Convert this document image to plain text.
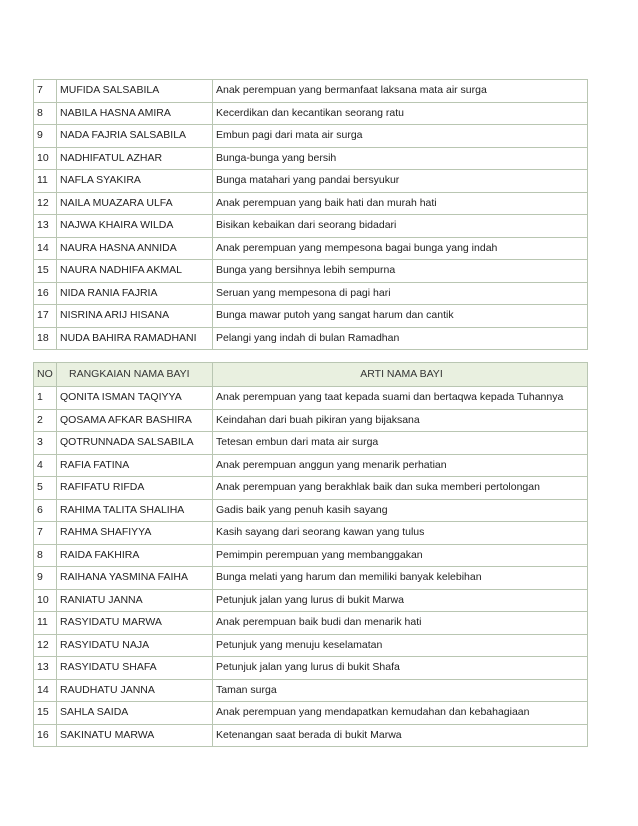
7	MUFIDA SALSABILA	Anak perempuan yang bermanfaat laksana mata air surga
8	NABILA HASNA AMIRA	Kecerdikan dan kecantikan seorang ratu
9	NADA FAJRIA SALSABILA	Embun pagi dari mata air surga
10	NADHIFATUL AZHAR	Bunga-bunga yang bersih
11	NAFLA SYAKIRA	Bunga matahari yang pandai bersyukur
12	NAILA MUAZARA ULFA	Anak perempuan yang baik hati dan murah hati
13	NAJWA KHAIRA WILDA	Bisikan kebaikan dari seorang bidadari
14	NAURA HASNA ANNIDA	Anak perempuan yang mempesona bagai bunga yang indah
15	NAURA NADHIFA AKMAL	Bunga yang bersihnya lebih sempurna
16	NIDA RANIA FAJRIA	Seruan yang mempesona di pagi hari
17	NISRINA ARIJ HISANA	Bunga mawar putoh yang sangat harum dan cantik
18	NUDA BAHIRA RAMADHANI	Pelangi yang indah di bulan Ramadhan
NO	RANGKAIAN NAMA BAYI	ARTI NAMA BAYI
1	QONITA ISMAN TAQIYYA	Anak perempuan yang taat kepada suami dan bertaqwa kepada Tuhannya
2	QOSAMA AFKAR BASHIRA	Keindahan dari buah pikiran yang bijaksana
3	QOTRUNNADA SALSABILA	Tetesan embun dari mata air surga
4	RAFIA FATINA	Anak perempuan anggun yang menarik perhatian
5	RAFIFATU RIFDA	Anak perempuan yang berakhlak baik dan suka memberi pertolongan
6	RAHIMA TALITA SHALIHA	Gadis baik yang penuh kasih sayang
7	RAHMA SHAFIYYA	Kasih sayang dari seorang kawan yang tulus
8	RAIDA FAKHIRA	Pemimpin perempuan yang membanggakan
9	RAIHANA YASMINA FAIHA	Bunga melati yang harum dan memiliki banyak kelebihan
10	RANIATU JANNA	Petunjuk jalan yang lurus di bukit Marwa
11	RASYIDATU MARWA	Anak perempuan baik budi dan menarik hati
12	RASYIDATU NAJA	Petunjuk yang menuju keselamatan
13	RASYIDATU SHAFA	Petunjuk jalan yang lurus di bukit Shafa
14	RAUDHATU JANNA	Taman surga
15	SAHLA SAIDA	Anak perempuan yang mendapatkan kemudahan dan kebahagiaan
16	SAKINATU MARWA	Ketenangan saat berada di bukit Marwa
